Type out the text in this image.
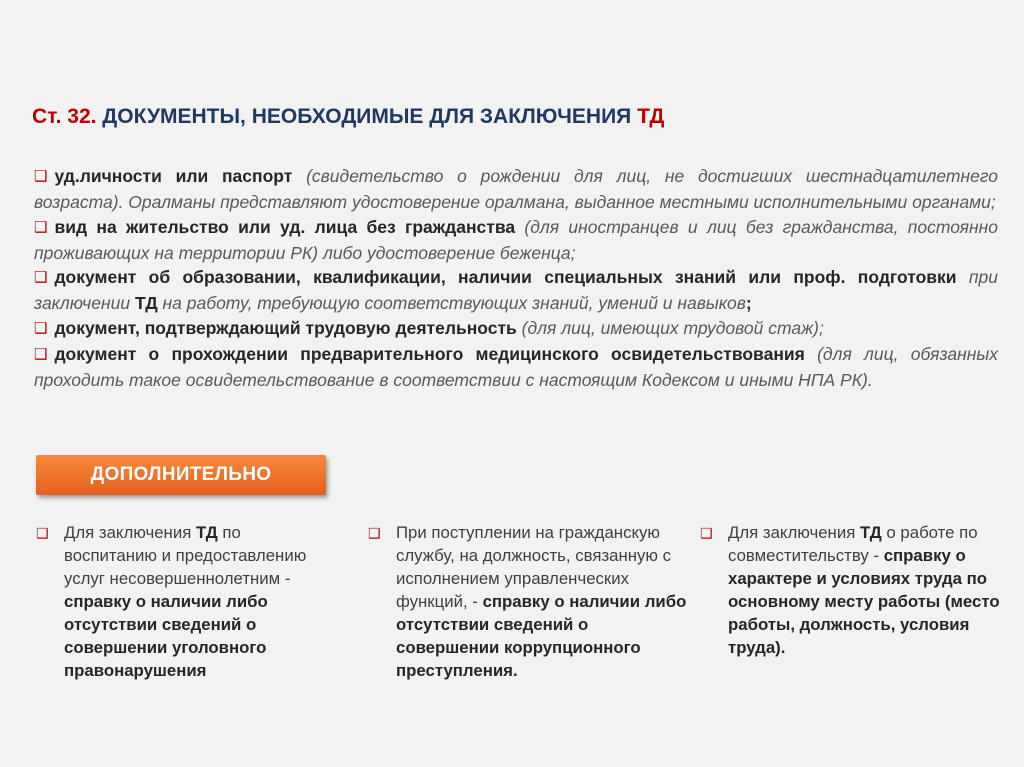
Ст. 32. ДОКУМЕНТЫ, НЕОБХОДИМЫЕ ДЛЯ ЗАКЛЮЧЕНИЯ ТД

❑ уд.личности или паспорт (свидетельство о рождении для лиц, не достигших шестнадцатилетнего возраста). Оралманы представляют удостоверение оралмана, выданное местными исполнительными органами;

❑ вид на жительство или уд. лица без гражданства (для иностранцев и лиц без гражданства, постоянно проживающих на территории РК) либо удостоверение беженца;

❑ документ об образовании, квалификации, наличии специальных знаний или проф. подготовки при заключении ТД на работу, требующую соответствующих знаний, умений и навыков;

❑ документ, подтверждающий трудовую деятельность (для лиц, имеющих трудовой стаж);

❑ документ о прохождении предварительного медицинского освидетельствования (для лиц, обязанных проходить такое освидетельствование в соответствии с настоящим Кодексом и иными НПА РК).

ДОПОЛНИТЕЛЬНО
❑ Для заключения ТД по воспитанию и предоставлению услуг несовершеннолетним - справку о наличии либо отсутствии сведений о совершении уголовного правонарушения
❑ При поступлении на гражданскую службу, на должность, связанную с исполнением управленческих функций, - справку о наличии либо отсутствии сведений о совершении коррупционного преступления.
❑ Для заключения ТД о работе по совместительству - справку о характере и условиях труда по основному месту работы (место работы, должность, условия труда).
